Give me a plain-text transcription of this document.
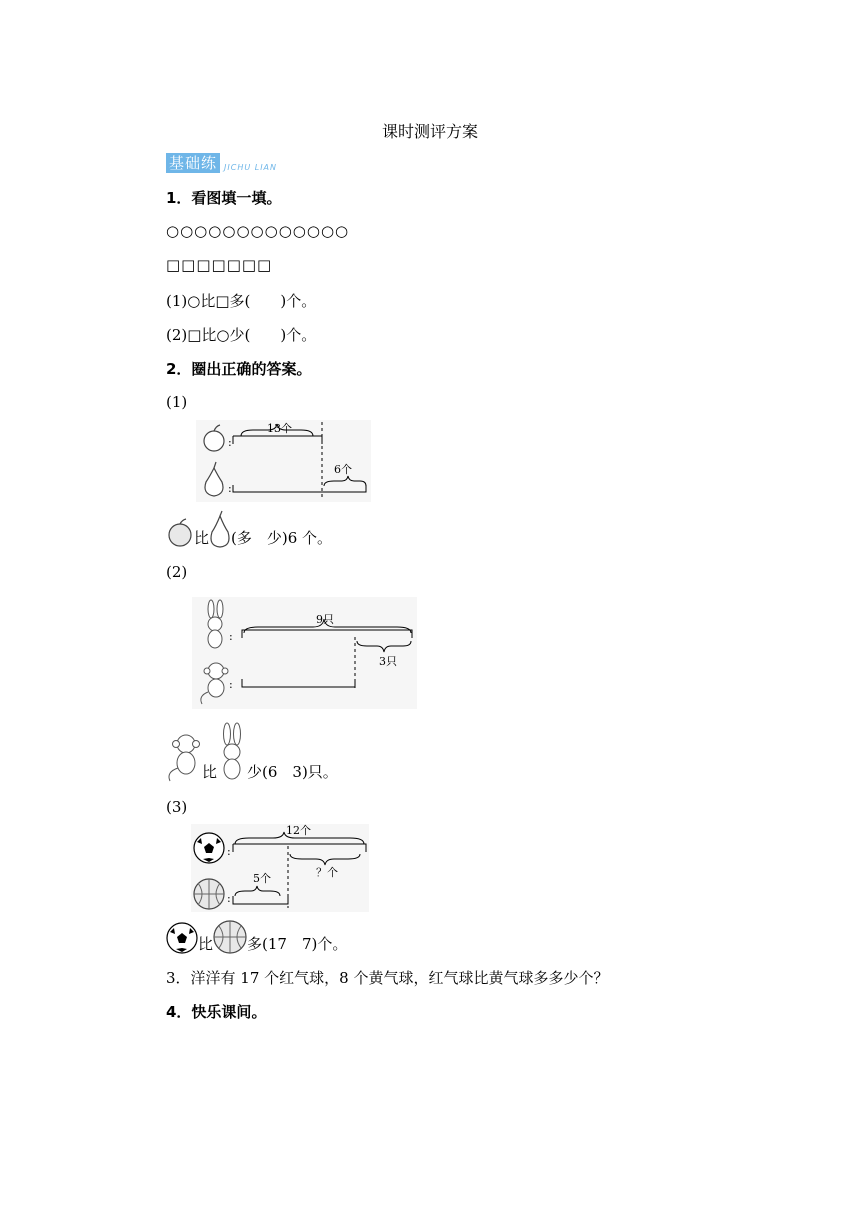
课时测评方案
基础练 JICHU LIAN
1．看图填一填。
○○○○○○○○○○○○○
□□□□□□□
(1)○比□多(　　)个。
(2)□比○少(　　)个。
2．圈出正确的答案。
(1)
:
13个
:
6个
比 (多　少)6 个。
(2)
:
9只
3只
:
比 少(6　3)只。
(3)
:
12个
？个
:
5个
比 多(17　7)个。
3．洋洋有 17 个红气球，8 个黄气球，红气球比黄气球多多少个？
4．快乐课间。
